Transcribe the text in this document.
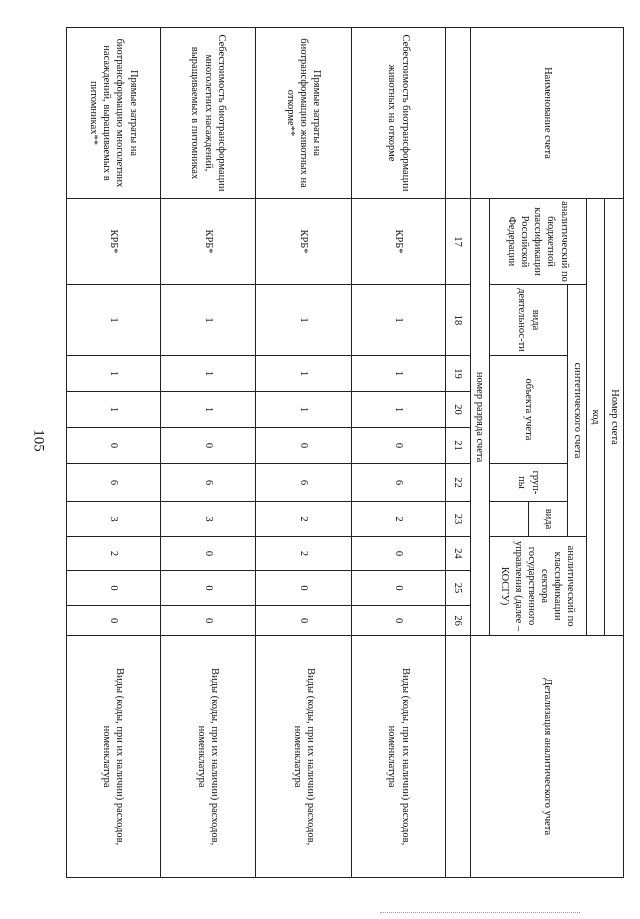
105
Наименование счета	Номер счета										Детализация аналитического учета
	код										
	аналитический по бюджетной классификации Российской Федерации	синтетического счета						аналитический по классификации сектора государственного управления (далее – КОСГУ)			
		вида деятельнос-ти	объекта учета			груп-пы	вида				

	номер разряда счета										
	17	18	19	20	21	22	23	24	25	26	
Себестоимость биотрансформации животных на откорме	КРБ*	1	1	1	0	6	2	0	0	0	Виды (коды, при их наличии) расходов, номенклатура
Прямые затраты на биотрансформацию животных на откорме**	КРБ*	1	1	1	0	6	2	2	0	0	Виды (коды, при их наличии) расходов, номенклатура
Себестоимость биотрансформации многолетних насаждений, выращиваемых в питомниках	КРБ*	1	1	1	0	6	3	0	0	0	Виды (коды, при их наличии) расходов, номенклатура
Прямые затраты на биотрансформацию многолетних насаждений, выращиваемых в питомниках**	КРБ*	1	1	1	0	6	3	2	0	0	Виды (коды, при их наличии) расходов, номенклатура
